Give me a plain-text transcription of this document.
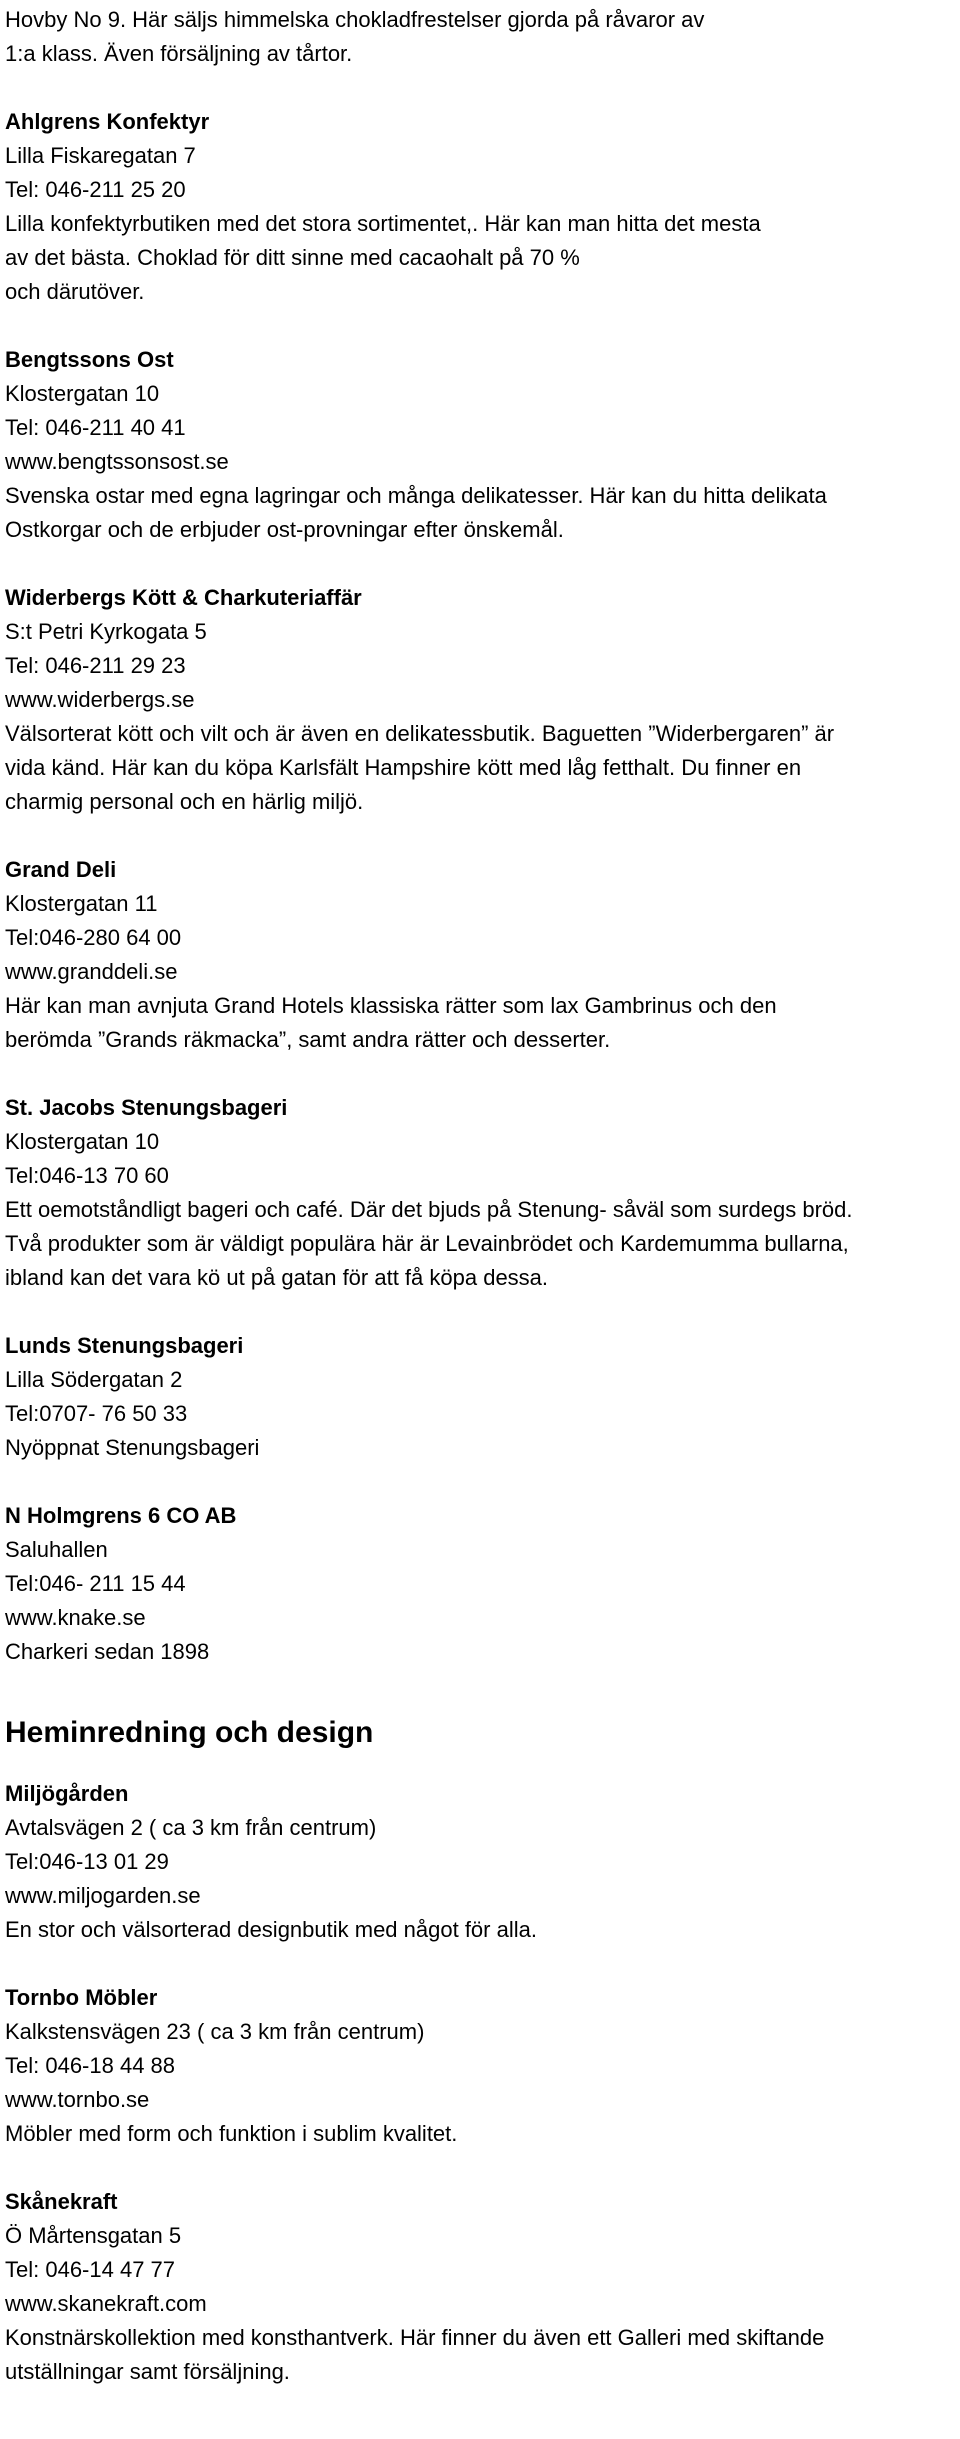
Hovby No 9. Här säljs himmelska chokladfrestelser gjorda på råvaror av
1:a klass. Även försäljning av tårtor.
Ahlgrens Konfektyr
Lilla Fiskaregatan 7
Tel: 046-211 25 20
Lilla konfektyrbutiken med det stora sortimentet,. Här kan man hitta det mesta
av det bästa. Choklad för ditt sinne med cacaohalt på 70 %
och därutöver.
Bengtssons Ost
Klostergatan 10
Tel: 046-211 40 41
www.bengtssonsost.se
Svenska ostar med egna lagringar och många delikatesser. Här kan du hitta delikata
Ostkorgar och de erbjuder ost-provningar efter önskemål.
Widerbergs Kött & Charkuteriaffär
S:t Petri Kyrkogata 5
Tel: 046-211 29 23
www.widerbergs.se
Välsorterat kött och vilt och är även en delikatessbutik. Baguetten ”Widerbergaren” är
vida känd. Här kan du köpa Karlsfält Hampshire kött med låg fetthalt. Du finner en
charmig personal och en härlig miljö.
Grand Deli
Klostergatan 11
Tel:046-280 64 00
www.granddeli.se
Här kan man avnjuta Grand Hotels klassiska rätter som lax Gambrinus och den
berömda ”Grands räkmacka”, samt andra rätter och desserter.
St. Jacobs Stenungsbageri
Klostergatan 10
Tel:046-13 70 60
Ett oemotståndligt bageri och café. Där det bjuds på Stenung- såväl som surdegs bröd.
Två produkter som är väldigt populära här är Levainbrödet och Kardemumma bullarna,
ibland kan det vara kö ut på gatan för att få köpa dessa.
Lunds Stenungsbageri
Lilla Södergatan 2
Tel:0707- 76 50 33
Nyöppnat Stenungsbageri
N Holmgrens 6 CO AB
Saluhallen
Tel:046- 211 15 44
www.knake.se
Charkeri sedan 1898
Heminredning och design
Miljögården
Avtalsvägen 2 ( ca 3 km från centrum)
Tel:046-13 01 29
www.miljogarden.se
En stor och välsorterad designbutik med något för alla.
Tornbo Möbler
Kalkstensvägen 23 ( ca 3 km från centrum)
Tel: 046-18 44 88
www.tornbo.se
Möbler med form och funktion i sublim kvalitet.
Skånekraft
Ö Mårtensgatan 5
Tel: 046-14 47 77
www.skanekraft.com
Konstnärskollektion med konsthantverk. Här finner du även ett Galleri med skiftande
utställningar samt försäljning.
